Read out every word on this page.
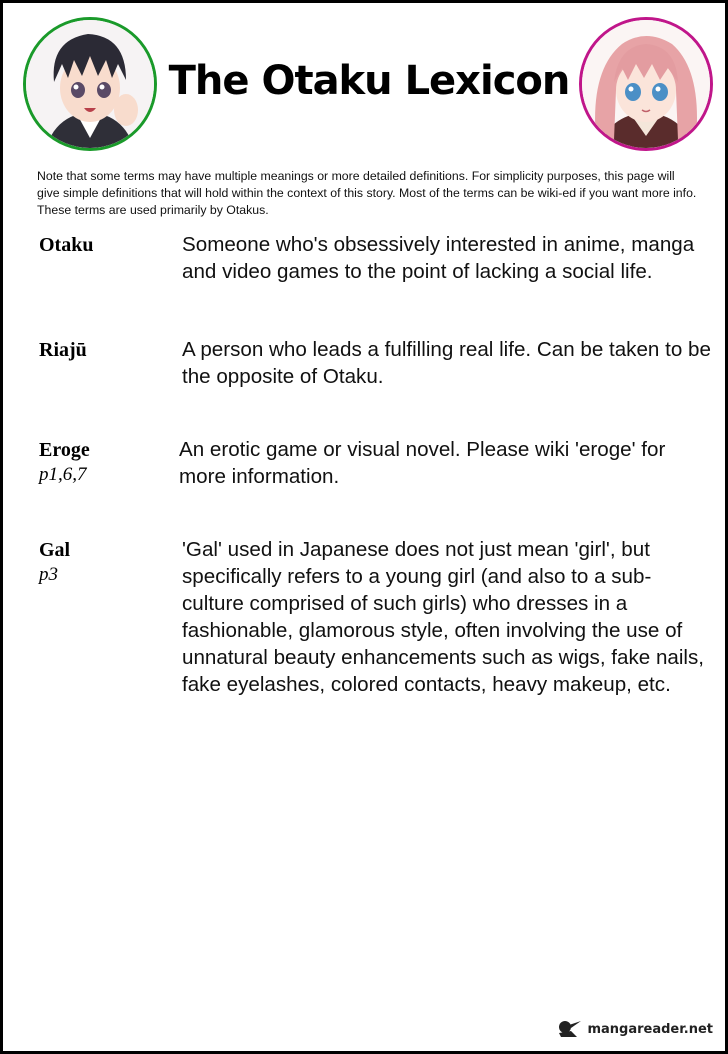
The Otaku Lexicon
Note that some terms may have multiple meanings or more detailed definitions. For simplicity purposes, this page will give simple definitions that will hold within the context of this story. Most of the terms can be wiki-ed if you want more info. These terms are used primarily by Otakus.
Otaku	Someone who's obsessively interested in anime, manga and video games to the point of lacking a social life.
Riajū	A person who leads a fulfilling real life. Can be taken to be the opposite of Otaku.
Eroge
p1,6,7
An erotic game or visual novel. Please wiki 'eroge' for more information.
Gal
p3
'Gal' used in Japanese does not just mean 'girl', but specifically refers to a young girl (and also to a sub-culture comprised of such girls) who dresses in a fashionable, glamorous style, often involving the use of unnatural beauty enhancements such as wigs, fake nails, fake eyelashes, colored contacts, heavy makeup, etc.
mangareader.net
